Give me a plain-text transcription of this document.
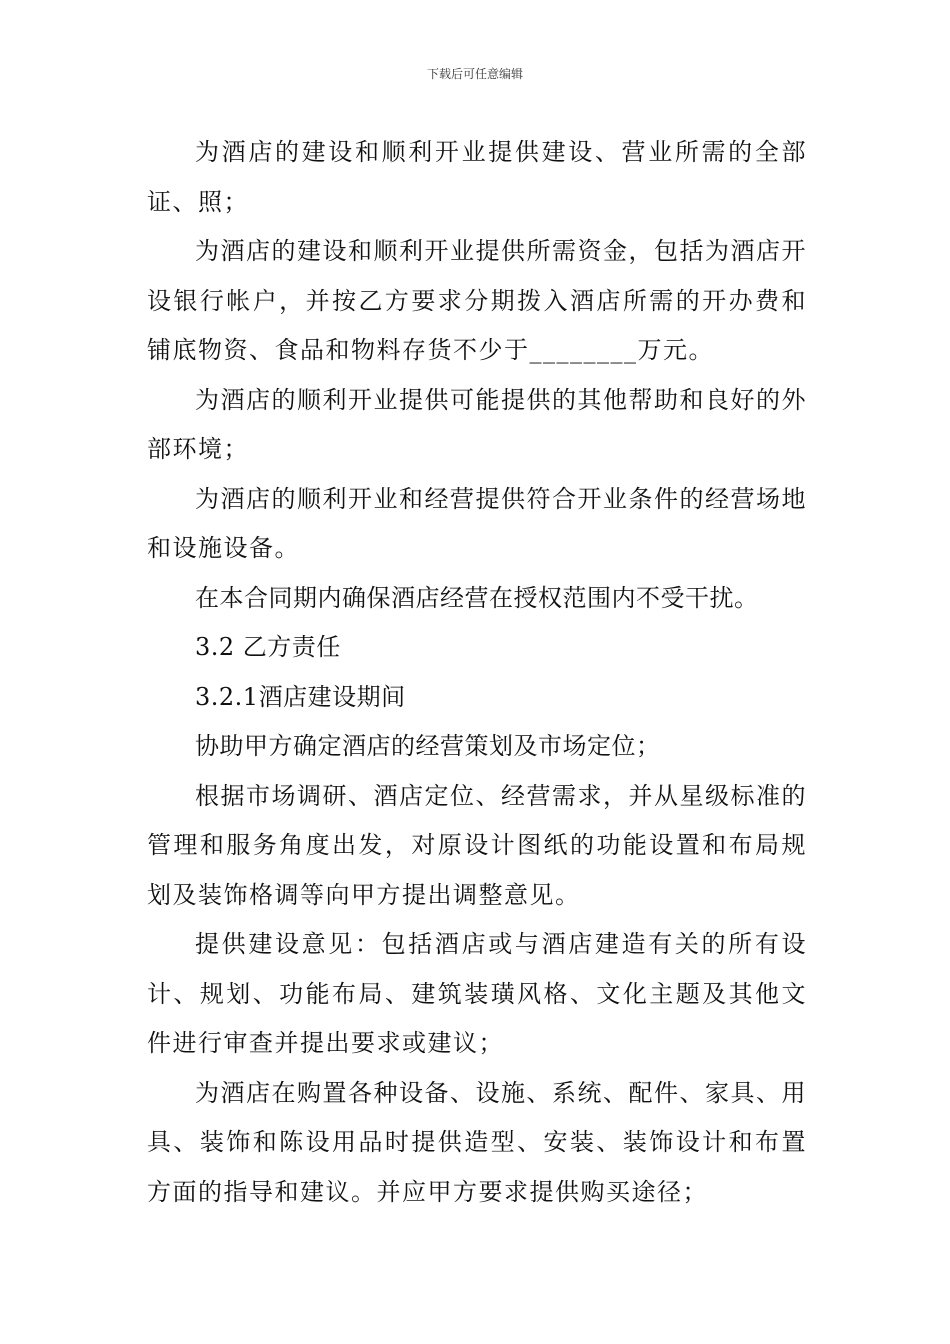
下载后可任意编辑

为酒店的建设和顺利开业提供建设、营业所需的全部证、照；

为酒店的建设和顺利开业提供所需资金，包括为酒店开设银行帐户，并按乙方要求分期拨入酒店所需的开办费和铺底物资、食品和物料存货不少于________万元。

为酒店的顺利开业提供可能提供的其他帮助和良好的外部环境；

为酒店的顺利开业和经营提供符合开业条件的经营场地和设施设备。

在本合同期内确保酒店经营在授权范围内不受干扰。

3.2 乙方责任

3.2.1酒店建设期间

协助甲方确定酒店的经营策划及市场定位；

根据市场调研、酒店定位、经营需求，并从星级标准的管理和服务角度出发，对原设计图纸的功能设置和布局规划及装饰格调等向甲方提出调整意见。

提供建设意见：包括酒店或与酒店建造有关的所有设计、规划、功能布局、建筑装璜风格、文化主题及其他文件进行审查并提出要求或建议；

为酒店在购置各种设备、设施、系统、配件、家具、用具、装饰和陈设用品时提供造型、安装、装饰设计和布置方面的指导和建议。并应甲方要求提供购买途径；
